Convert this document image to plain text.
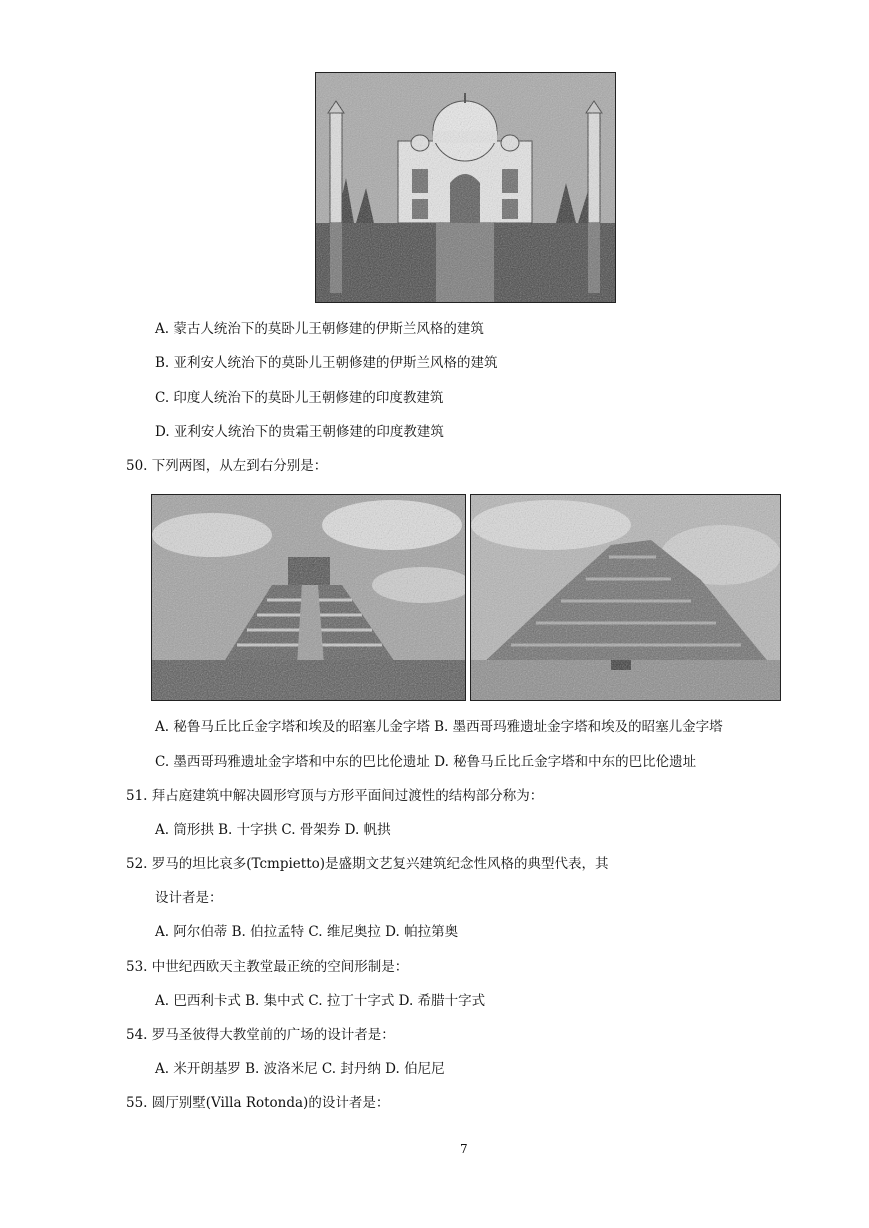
A. 蒙古人统治下的莫卧儿王朝修建的伊斯兰风格的建筑
B. 亚利安人统治下的莫卧儿王朝修建的伊斯兰风格的建筑
C. 印度人统治下的莫卧儿王朝修建的印度教建筑
D. 亚利安人统治下的贵霜王朝修建的印度教建筑
50. 下列两图，从左到右分别是：
A. 秘鲁马丘比丘金字塔和埃及的昭塞儿金字塔 B. 墨西哥玛雅遗址金字塔和埃及的昭塞儿金字塔
C. 墨西哥玛雅遗址金字塔和中东的巴比伦遗址 D. 秘鲁马丘比丘金字塔和中东的巴比伦遗址
51. 拜占庭建筑中解决圆形穹顶与方形平面间过渡性的结构部分称为：
A. 筒形拱 B. 十字拱 C. 骨架券 D. 帆拱
52. 罗马的坦比哀多(Tcmpietto)是盛期文艺复兴建筑纪念性风格的典型代表，其
设计者是：
A. 阿尔伯蒂 B. 伯拉孟特 C. 维尼奥拉 D. 帕拉第奥
53. 中世纪西欧天主教堂最正统的空间形制是：
A. 巴西利卡式 B. 集中式 C. 拉丁十字式 D. 希腊十字式
54. 罗马圣彼得大教堂前的广场的设计者是：
A. 米开朗基罗 B. 波洛米尼 C. 封丹纳 D. 伯尼尼
55. 圆厅别墅(Villa Rotonda)的设计者是：
7
